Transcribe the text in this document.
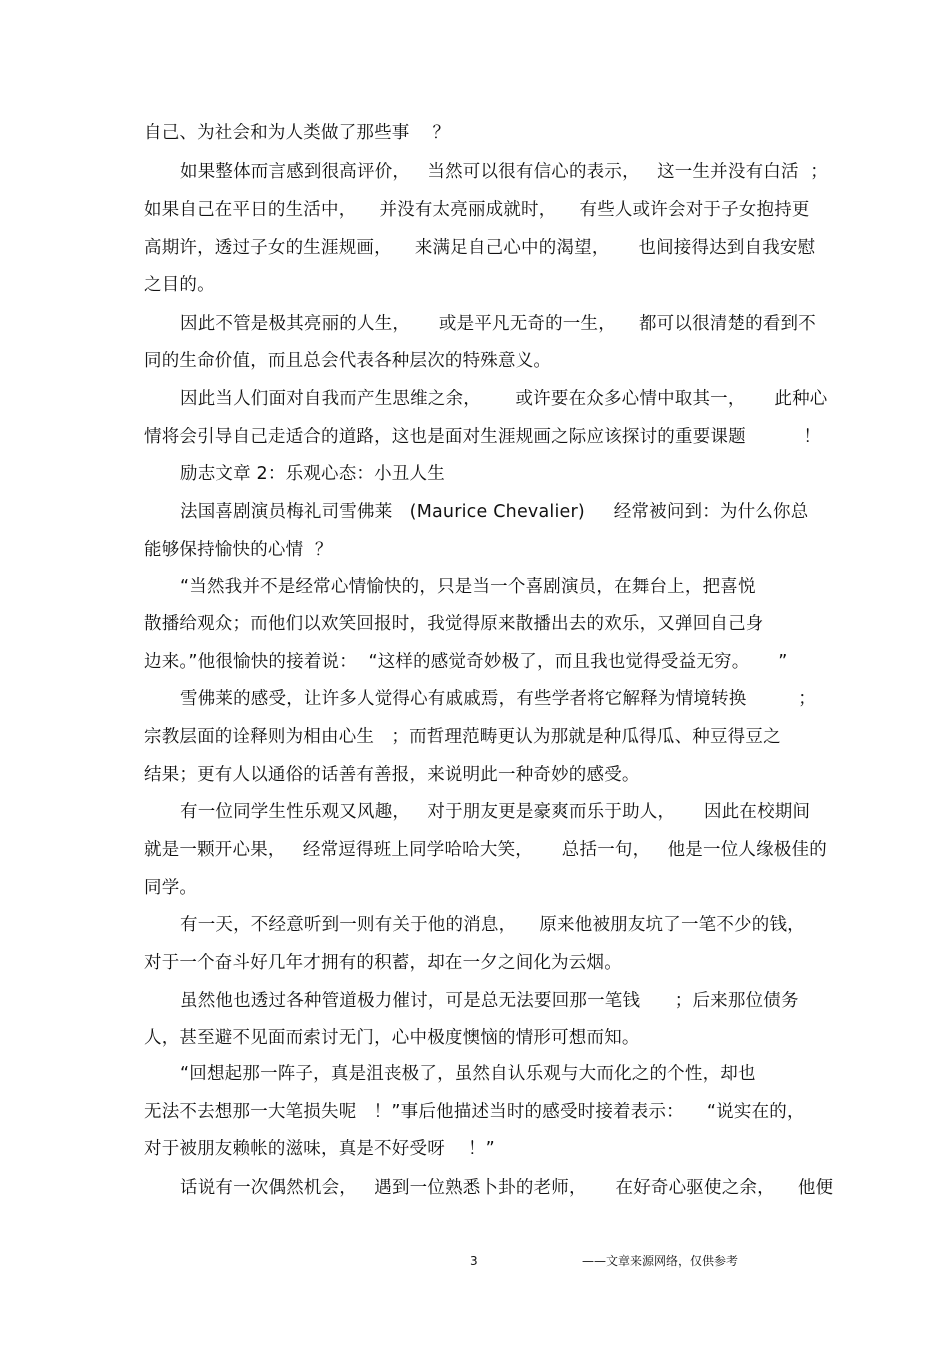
自己、为社会和为人类做了那些事    ？
如果整体而言感到很高评价，   当然可以很有信心的表示，   这一生并没有白活  ；
如果自己在平日的生活中，    并没有太亮丽成就时，    有些人或许会对于子女抱持更
高期许，透过子女的生涯规画，    来满足自己心中的渴望，     也间接得达到自我安慰
之目的。
因此不管是极其亮丽的人生，     或是平凡无奇的一生，    都可以很清楚的看到不
同的生命价值，而且总会代表各种层次的特殊意义。
因此当人们面对自我而产生思维之余，      或许要在众多心情中取其一，     此种心
情将会引导自己走适合的道路，这也是面对生涯规画之际应该探讨的重要课题          ！
励志文章 2：乐观心态：小丑人生
法国喜剧演员梅礼司雪佛莱   (Maurice Chevalier)     经常被问到：为什么你总
能够保持愉快的心情  ？
“当然我并不是经常心情愉快的，只是当一个喜剧演员，在舞台上，把喜悦
散播给观众；而他们以欢笑回报时，我觉得原来散播出去的欢乐，又弹回自己身
边来。”他很愉快的接着说：  “这样的感觉奇妙极了，而且我也觉得受益无穷。     ”
雪佛莱的感受，让许多人觉得心有戚戚焉，有些学者将它解释为情境转换         ；
宗教层面的诠释则为相由心生   ；而哲理范畴更认为那就是种瓜得瓜、种豆得豆之
结果；更有人以通俗的话善有善报，来说明此一种奇妙的感受。
有一位同学生性乐观又风趣，   对于朋友更是豪爽而乐于助人，     因此在校期间
就是一颗开心果，   经常逗得班上同学哈哈大笑，     总括一句，   他是一位人缘极佳的
同学。
有一天，不经意听到一则有关于他的消息，    原来他被朋友坑了一笔不少的钱，
对于一个奋斗好几年才拥有的积蓄，却在一夕之间化为云烟。
虽然他也透过各种管道极力催讨，可是总无法要回那一笔钱      ；后来那位债务
人，甚至避不见面而索讨无门，心中极度懊恼的情形可想而知。
“回想起那一阵子，真是沮丧极了，虽然自认乐观与大而化之的个性，却也
无法不去想那一大笔损失呢   ！”事后他描述当时的感受时接着表示：    “说实在的，
对于被朋友赖帐的滋味，真是不好受呀    ！”
话说有一次偶然机会，   遇到一位熟悉卜卦的老师，     在好奇心驱使之余，    他便
3	——文章来源网络，仅供参考
